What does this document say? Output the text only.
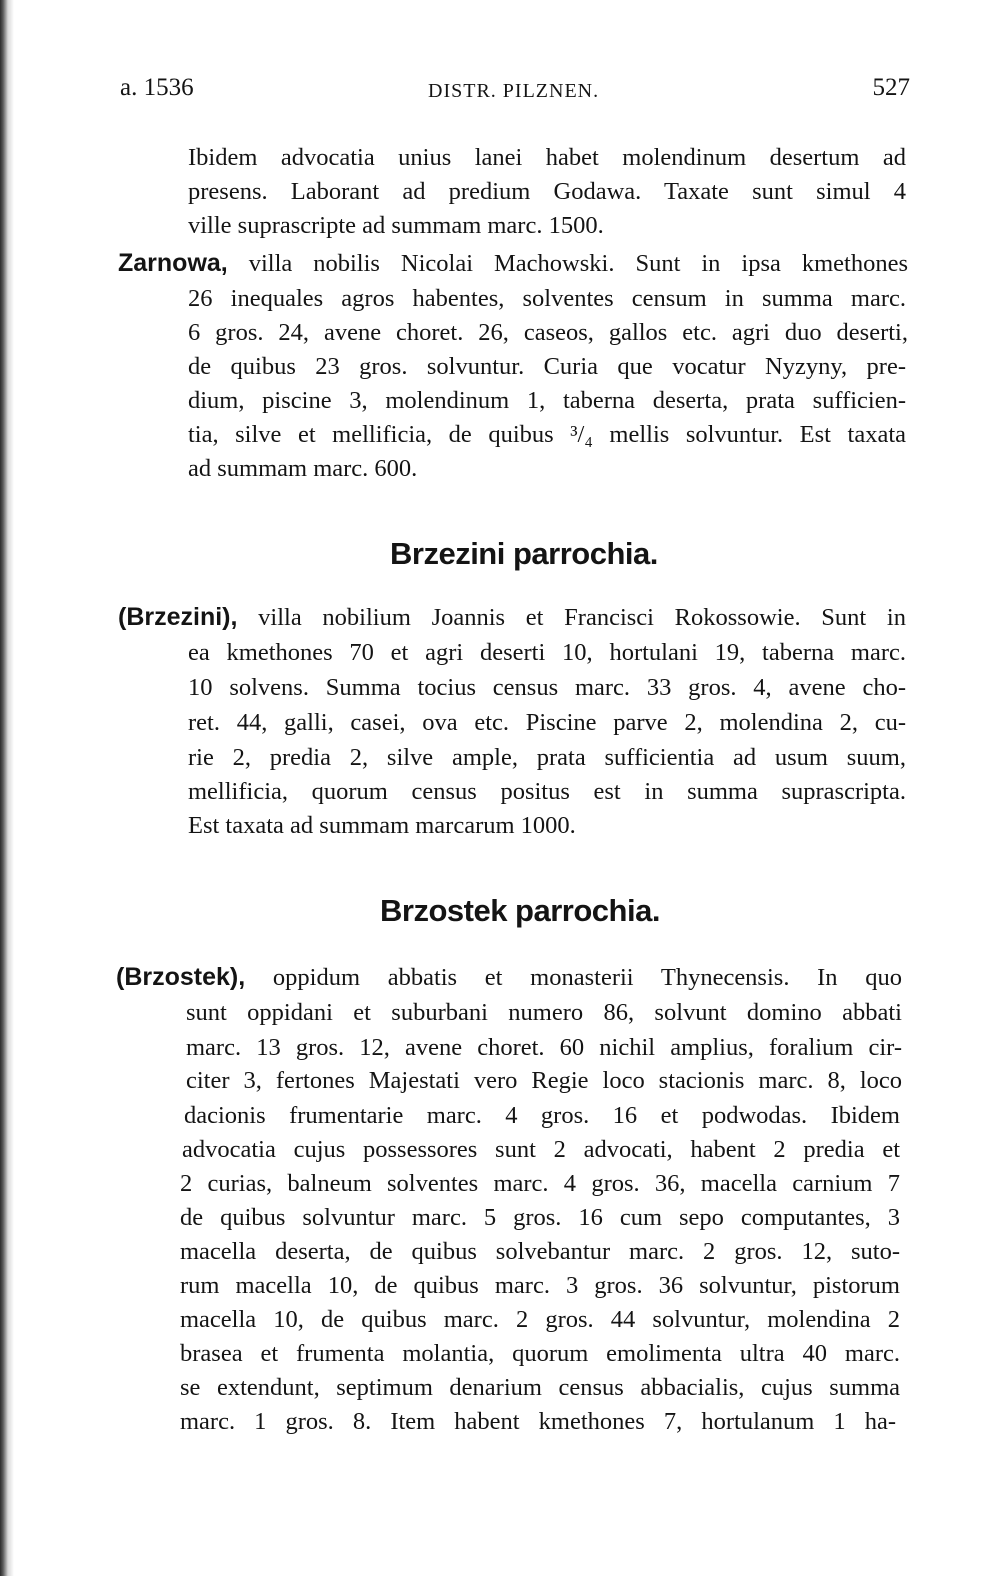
a. 1536	DISTR. PILZNEN.	527
Ibidem advocatia unius lanei habet molendinum desertum ad
presens. Laborant ad predium Godawa. Taxate sunt simul 4
ville suprascripte ad summam marc. 1500.
Zarnowa, villa nobilis Nicolai Machowski. Sunt in ipsa kmethones
26 inequales agros habentes, solventes censum in summa marc.
6 gros. 24, avene choret. 26, caseos, gallos etc. agri duo deserti,
de quibus 23 gros. solvuntur. Curia que vocatur Nyzyny, pre-
dium, piscine 3, molendinum 1, taberna deserta, prata sufficien-
tia, silve et mellificia, de quibus ³/₄ mellis solvuntur. Est taxata
ad summam marc. 600.
Brzezini parrochia.
(Brzezini), villa nobilium Joannis et Francisci Rokossowie. Sunt in
ea kmethones 70 et agri deserti 10, hortulani 19, taberna marc.
10 solvens. Summa tocius census marc. 33 gros. 4, avene cho-
ret. 44, galli, casei, ova etc. Piscine parve 2, molendina 2, cu-
rie 2, predia 2, silve ample, prata sufficientia ad usum suum,
mellificia, quorum census positus est in summa suprascripta.
Est taxata ad summam marcarum 1000.
Brzostek parrochia.
(Brzostek), oppidum abbatis et monasterii Thynecensis. In quo
sunt oppidani et suburbani numero 86, solvunt domino abbati
marc. 13 gros. 12, avene choret. 60 nichil amplius, foralium cir-
citer 3, fertones Majestati vero Regie loco stacionis marc. 8, loco
dacionis frumentarie marc. 4 gros. 16 et podwodas. Ibidem
advocatia cujus possessores sunt 2 advocati, habent 2 predia et
2 curias, balneum solventes marc. 4 gros. 36, macella carnium 7
de quibus solvuntur marc. 5 gros. 16 cum sepo computantes, 3
macella deserta, de quibus solvebantur marc. 2 gros. 12, suto-
rum macella 10, de quibus marc. 3 gros. 36 solvuntur, pistorum
macella 10, de quibus marc. 2 gros. 44 solvuntur, molendina 2
brasea et frumenta molantia, quorum emolimenta ultra 40 marc.
se extendunt, septimum denarium census abbacialis, cujus summa
marc. 1 gros. 8. Item habent kmethones 7, hortulanum 1 ha-
